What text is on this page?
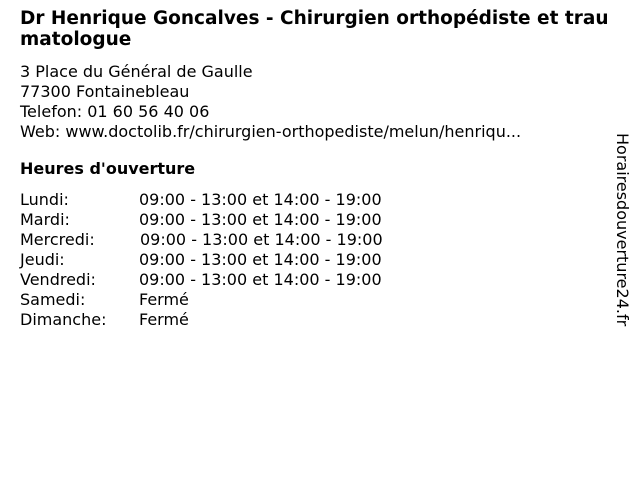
Dr Henrique Goncalves - Chirurgien orthopédiste et traumatologue
3 Place du Général de Gaulle
77300 Fontainebleau
Telefon: 01 60 56 40 06
Web: www.doctolib.fr/chirurgien-orthopediste/melun/henriqu...
Heures d'ouverture
Lundi:	09:00 - 13:00 et 14:00 - 19:00
Mardi:	09:00 - 13:00 et 14:00 - 19:00
Mercredi:	09:00 - 13:00 et 14:00 - 19:00
Jeudi:	09:00 - 13:00 et 14:00 - 19:00
Vendredi:	09:00 - 13:00 et 14:00 - 19:00
Samedi:	Fermé
Dimanche:	Fermé	Horairesdouverture24.fr
